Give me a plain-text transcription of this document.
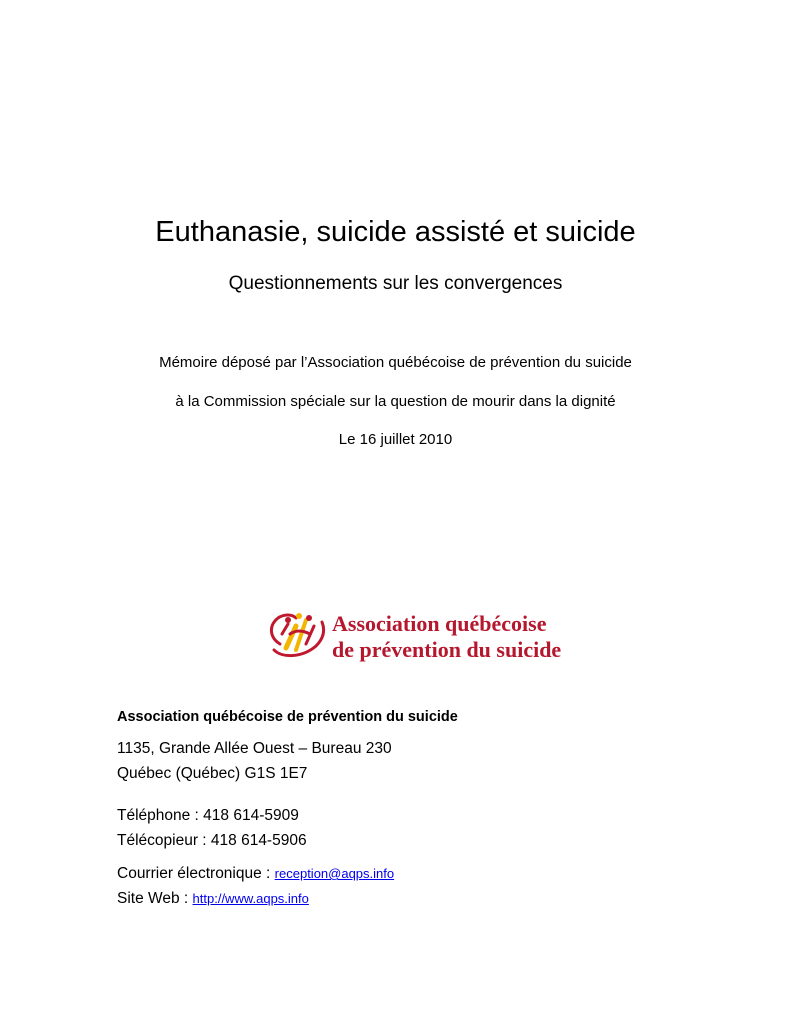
Euthanasie, suicide assisté et suicide
Questionnements sur les convergences
Mémoire déposé par l’Association québécoise de prévention du suicide
à la Commission spéciale sur la question de mourir dans la dignité
Le 16 juillet 2010
Association québécoise
de prévention du suicide
Association québécoise de prévention du suicide
1135, Grande Allée Ouest – Bureau 230
Québec (Québec) G1S 1E7
Téléphone : 418 614-5909
Télécopieur : 418 614-5906
Courrier électronique : reception@aqps.info
Site Web : http://www.aqps.info
